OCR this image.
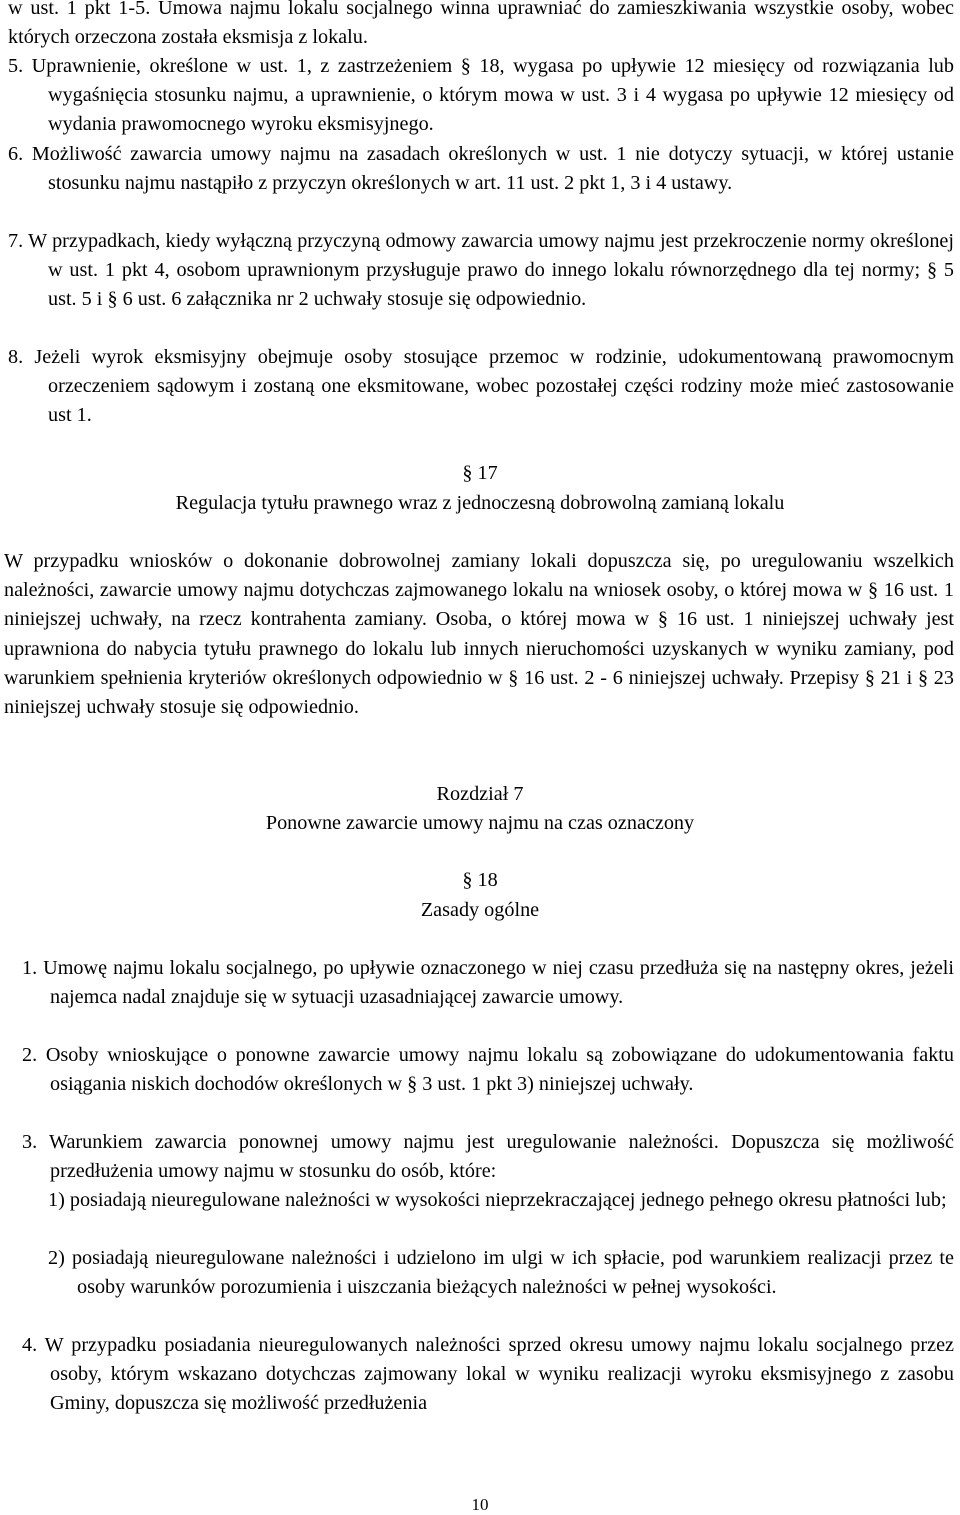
w ust. 1 pkt 1-5. Umowa najmu lokalu socjalnego winna uprawniać do zamieszkiwania wszystkie osoby, wobec których orzeczona została eksmisja z lokalu.

5. Uprawnienie, określone w ust. 1, z zastrzeżeniem § 18, wygasa po upływie 12 miesięcy od rozwiązania lub wygaśnięcia stosunku najmu, a uprawnienie, o którym mowa w ust. 3 i 4 wygasa po upływie 12 miesięcy od wydania prawomocnego wyroku eksmisyjnego.

6. Możliwość zawarcia umowy najmu na zasadach określonych w ust. 1 nie dotyczy sytuacji, w której ustanie stosunku najmu nastąpiło z przyczyn określonych w art. 11 ust. 2 pkt 1, 3 i 4 ustawy.

7. W przypadkach, kiedy wyłączną przyczyną odmowy zawarcia umowy najmu jest przekroczenie normy określonej w ust. 1 pkt 4, osobom uprawnionym przysługuje prawo do innego lokalu równorzędnego dla tej normy; § 5 ust. 5 i § 6 ust. 6 załącznika nr 2 uchwały stosuje się odpowiednio.

8. Jeżeli wyrok eksmisyjny obejmuje osoby stosujące przemoc w rodzinie, udokumentowaną prawomocnym orzeczeniem sądowym i zostaną one eksmitowane, wobec pozostałej części rodziny może mieć zastosowanie ust 1.

§ 17

Regulacja tytułu prawnego wraz z jednoczesną dobrowolną zamianą lokalu

W przypadku wniosków o dokonanie dobrowolnej zamiany lokali dopuszcza się, po uregulowaniu wszelkich należności, zawarcie umowy najmu dotychczas zajmowanego lokalu na wniosek osoby, o której mowa w § 16 ust. 1 niniejszej uchwały, na rzecz kontrahenta zamiany. Osoba, o której mowa w § 16 ust. 1 niniejszej uchwały jest uprawniona do nabycia tytułu prawnego do lokalu lub innych nieruchomości uzyskanych w wyniku zamiany, pod warunkiem spełnienia kryteriów określonych odpowiednio w § 16 ust. 2 - 6 niniejszej uchwały. Przepisy § 21 i § 23 niniejszej uchwały stosuje się odpowiednio.

Rozdział 7

Ponowne zawarcie umowy najmu na czas oznaczony

§ 18

Zasady ogólne

1. Umowę najmu lokalu socjalnego, po upływie oznaczonego w niej czasu przedłuża się na następny okres, jeżeli najemca nadal znajduje się w sytuacji uzasadniającej zawarcie umowy.

2. Osoby wnioskujące o ponowne zawarcie umowy najmu lokalu są zobowiązane do udokumentowania faktu osiągania niskich dochodów określonych w § 3 ust. 1 pkt 3) niniejszej uchwały.

3. Warunkiem zawarcia ponownej umowy najmu jest uregulowanie należności. Dopuszcza się możliwość przedłużenia umowy najmu w stosunku do osób, które:

1) posiadają nieuregulowane należności w wysokości nieprzekraczającej jednego pełnego okresu płatności lub;

2) posiadają nieuregulowane należności i udzielono im ulgi w ich spłacie, pod warunkiem realizacji przez te osoby warunków porozumienia i uiszczania bieżących należności w pełnej wysokości.

4. W przypadku posiadania nieuregulowanych należności sprzed okresu umowy najmu lokalu socjalnego przez osoby, którym wskazano dotychczas zajmowany lokal w wyniku realizacji wyroku eksmisyjnego z zasobu Gminy, dopuszcza się możliwość przedłużenia

10
